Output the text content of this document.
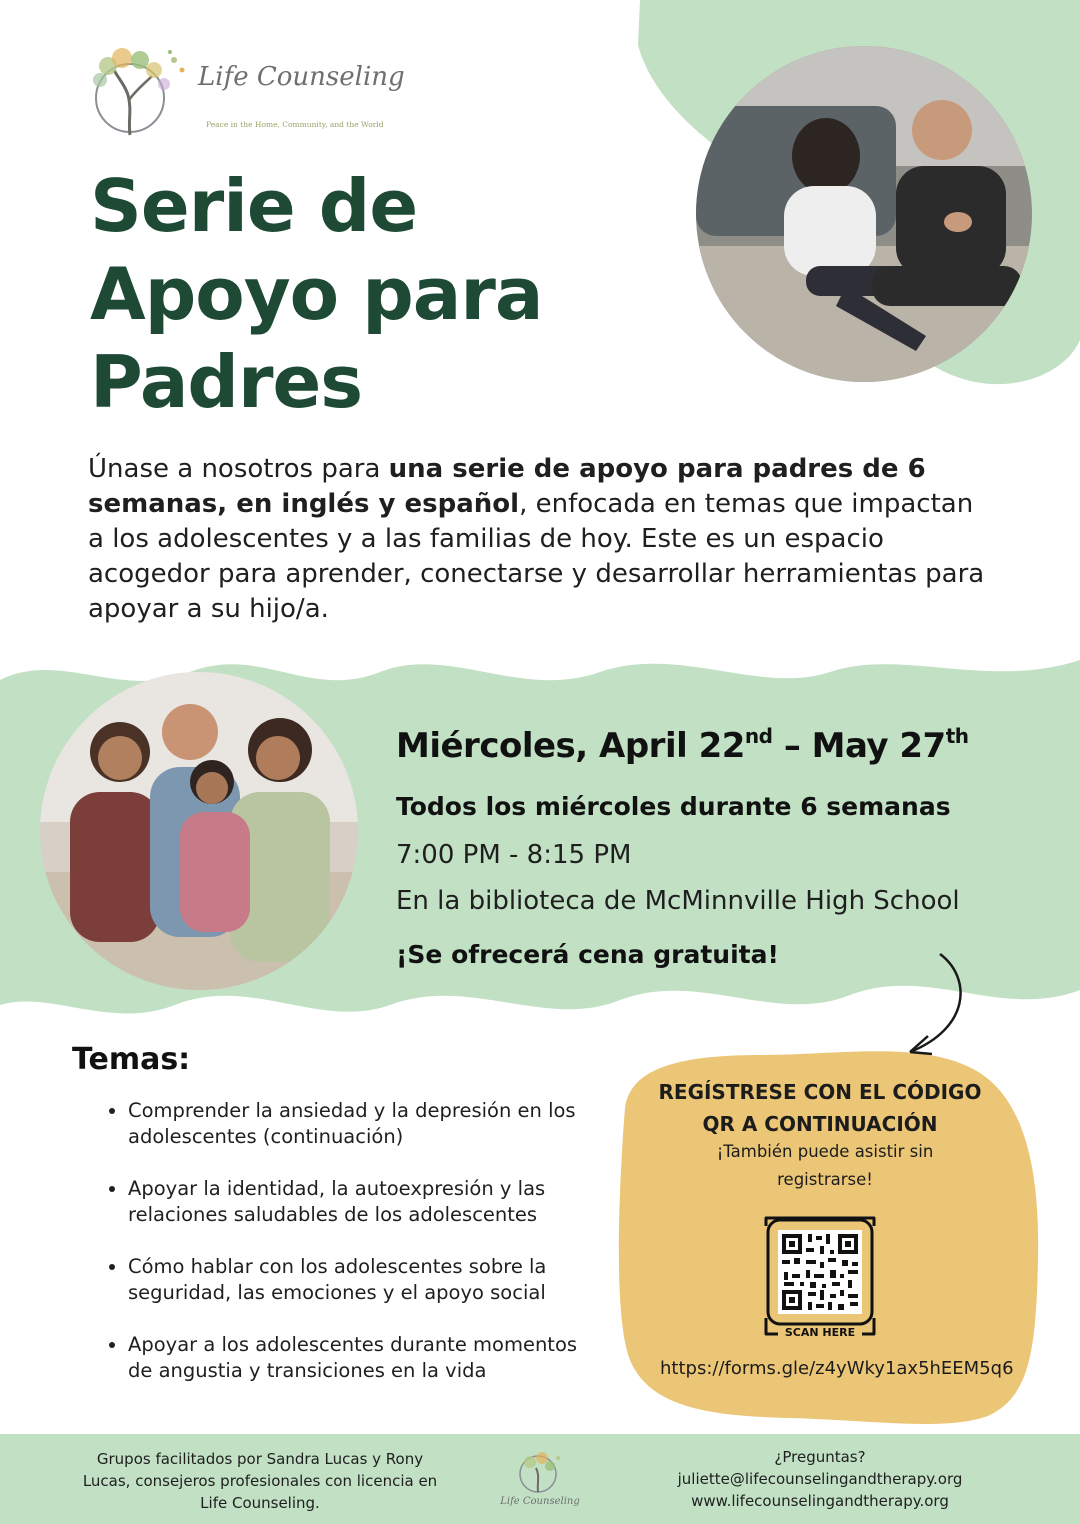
Life Counseling
Peace in the Home, Community, and the World
Serie de
Apoyo para
Padres

Únase a nosotros para una serie de apoyo para padres de 6 semanas, en inglés y español, enfocada en temas que impactan a los adolescentes y a las familias de hoy. Este es un espacio acogedor para aprender, conectarse y desarrollar herramientas para apoyar a su hijo/a.

Miércoles, April 22nd – May 27th

Todos los miércoles durante 6 semanas

7:00 PM - 8:15 PM

En la biblioteca de McMinnville High School

¡Se ofrecerá cena gratuita!

Temas:
• Comprender la ansiedad y la depresión en los adolescentes (continuación)
• Apoyar la identidad, la autoexpresión y las relaciones saludables de los adolescentes
• Cómo hablar con los adolescentes sobre la seguridad, las emociones y el apoyo social
• Apoyar a los adolescentes durante momentos de angustia y transiciones en la vida

REGÍSTRESE CON EL CÓDIGO QR A CONTINUACIÓN

¡También puede asistir sin registrarse!

SCAN HERE

https://forms.gle/z4yWky1ax5hEEM5q6

Grupos facilitados por Sandra Lucas y Rony Lucas, consejeros profesionales con licencia en Life Counseling.	Life Counseling

¿Preguntas?

juliette@lifecounselingandtherapy.org

www.lifecounselingandtherapy.org
